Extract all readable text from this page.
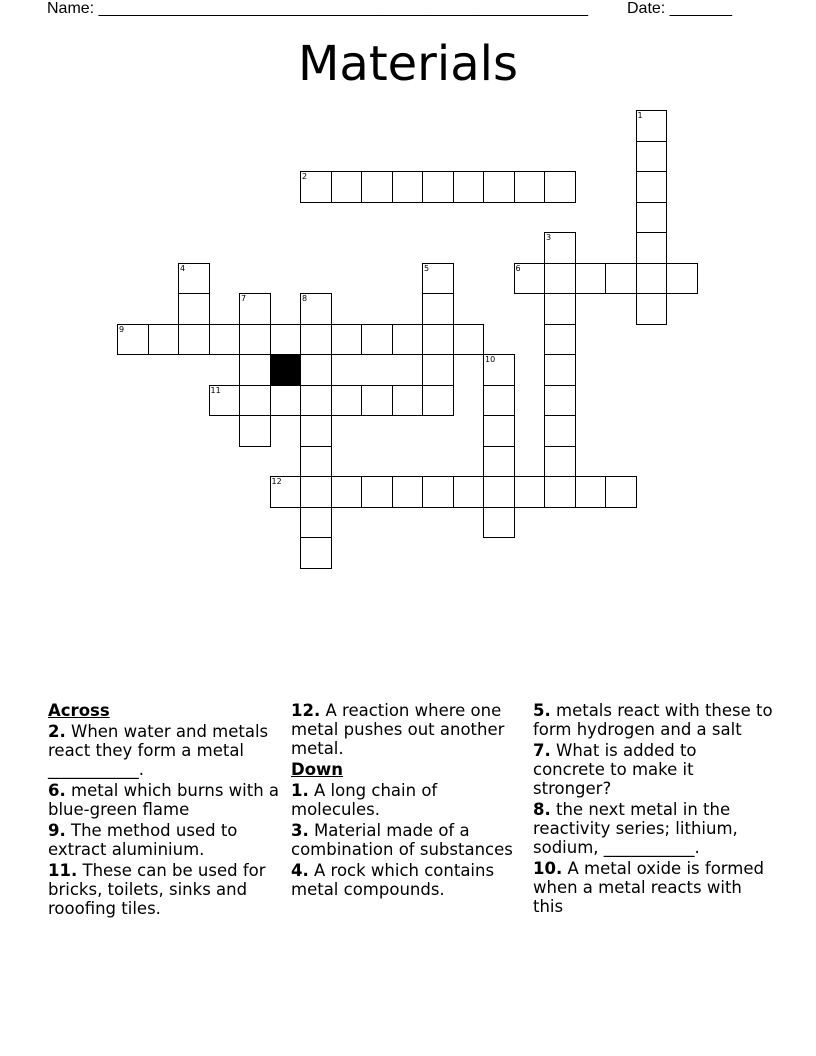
Name: _______________________________________________________ Date: _______
Materials
1
2
3
4	5	6
7	8
9
10
11
12
Across
2. When water and metals react they form a metal ___________.
6. metal which burns with a blue-green flame
9. The method used to extract aluminium.
11. These can be used for bricks, toilets, sinks and rooofing tiles.
12. A reaction where one metal pushes out another metal.
Down
1. A long chain of molecules.
3. Material made of a combination of substances
4. A rock which contains metal compounds.
5. metals react with these to form hydrogen and a salt
7. What is added to concrete to make it stronger?
8. the next metal in the reactivity series; lithium, sodium, ___________.
10. A metal oxide is formed when a metal reacts with this
